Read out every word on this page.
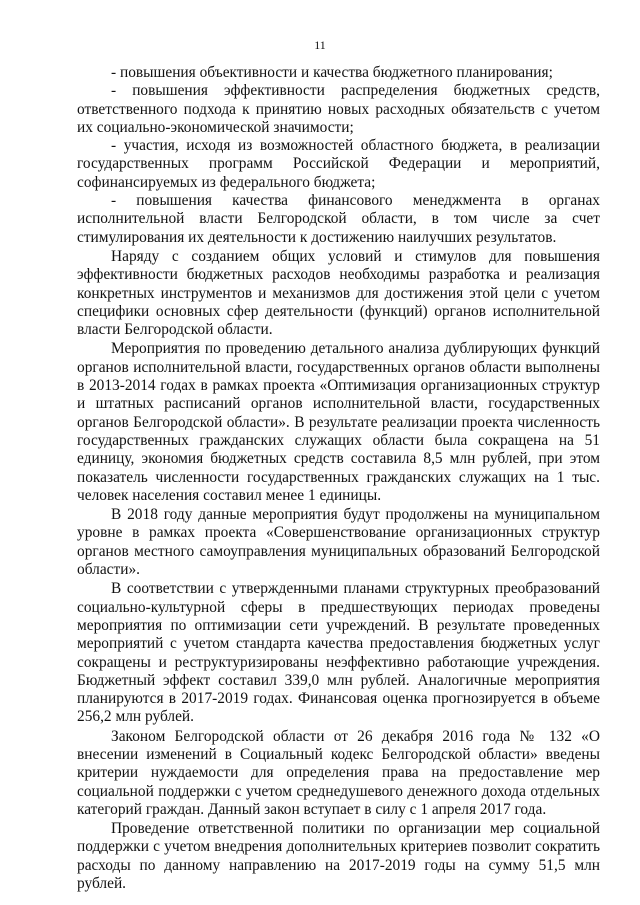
11

- повышения объективности и качества бюджетного планирования;

- повышения эффективности распределения бюджетных средств, ответственного подхода к принятию новых расходных обязательств с учетом их социально-экономической значимости;

- участия, исходя из возможностей областного бюджета, в реализации государственных программ Российской Федерации и мероприятий, софинансируемых из федерального бюджета;

- повышения качества финансового менеджмента в органах исполнительной власти Белгородской области, в том числе за счет стимулирования их деятельности к достижению наилучших результатов.

Наряду с созданием общих условий и стимулов для повышения эффективности бюджетных расходов необходимы разработка и реализация конкретных инструментов и механизмов для достижения этой цели с учетом специфики основных сфер деятельности (функций) органов исполнительной власти Белгородской области.

Мероприятия по проведению детального анализа дублирующих функций органов исполнительной власти, государственных органов области выполнены в 2013-2014 годах в рамках проекта «Оптимизация организационных структур и штатных расписаний органов исполнительной власти, государственных органов Белгородской области». В результате реализации проекта численность государственных гражданских служащих области была сокращена на 51 единицу, экономия бюджетных средств составила 8,5 млн рублей, при этом показатель численности государственных гражданских служащих на 1 тыс. человек населения составил менее 1 единицы.

В 2018 году данные мероприятия будут продолжены на муниципальном уровне в рамках проекта «Совершенствование организационных структур органов местного самоуправления муниципальных образований Белгородской области».

В соответствии с утвержденными планами структурных преобразований социально-культурной сферы в предшествующих периодах проведены мероприятия по оптимизации сети учреждений. В результате проведенных мероприятий с учетом стандарта качества предоставления бюджетных услуг сокращены и реструктуризированы неэффективно работающие учреждения. Бюджетный эффект составил 339,0 млн рублей. Аналогичные мероприятия планируются в 2017-2019 годах. Финансовая оценка прогнозируется в объеме 256,2 млн рублей.

Законом Белгородской области от 26 декабря 2016 года № 132 «О внесении изменений в Социальный кодекс Белгородской области» введены критерии нуждаемости для определения права на предоставление мер социальной поддержки с учетом среднедушевого денежного дохода отдельных категорий граждан. Данный закон вступает в силу с 1 апреля 2017 года.

Проведение ответственной политики по организации мер социальной поддержки с учетом внедрения дополнительных критериев позволит сократить расходы по данному направлению на 2017-2019 годы на сумму 51,5 млн рублей.
